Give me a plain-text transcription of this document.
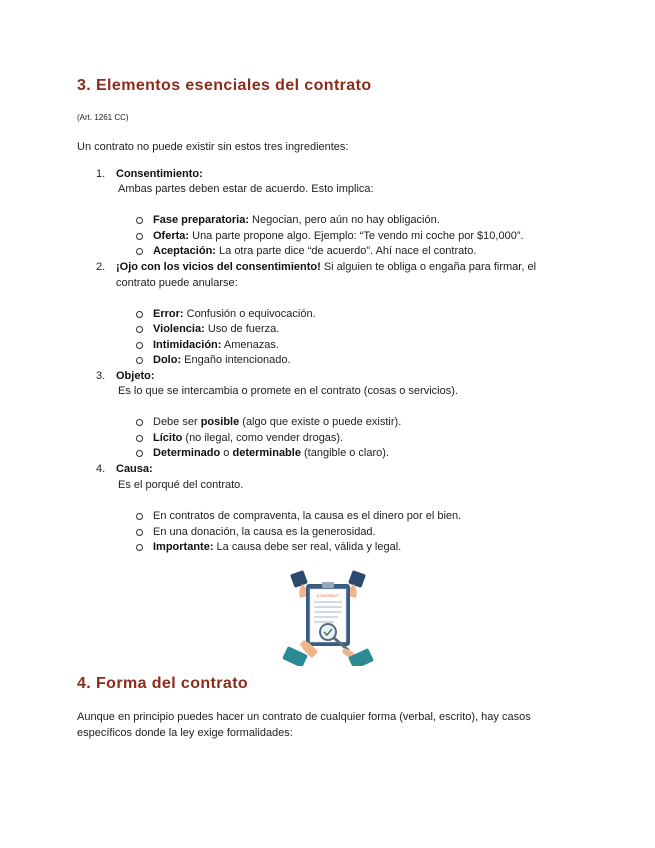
3. Elementos esenciales del contrato
(Art. 1261 CC)
Un contrato no puede existir sin estos tres ingredientes:
1. Consentimiento:
Ambas partes deben estar de acuerdo. Esto implica:
Fase preparatoria: Negocian, pero aún no hay obligación.
Oferta: Una parte propone algo. Ejemplo: “Te vendo mi coche por $10,000”.
Aceptación: La otra parte dice “de acuerdo”. Ahí nace el contrato.
2. ¡Ojo con los vicios del consentimiento! Si alguien te obliga o engaña para firmar, el contrato puede anularse:
Error: Confusión o equivocación.
Violencia: Uso de fuerza.
Intimidación: Amenazas.
Dolo: Engaño intencionado.
3. Objeto:
Es lo que se intercambia o promete en el contrato (cosas o servicios).
Debe ser posible (algo que existe o puede existir).
Lícito (no ilegal, como vender drogas).
Determinado o determinable (tangible o claro).
4. Causa:
Es el porqué del contrato.
En contratos de compraventa, la causa es el dinero por el bien.
En una donación, la causa es la generosidad.
Importante: La causa debe ser real, válida y legal.
CONTRACT
4. Forma del contrato
Aunque en principio puedes hacer un contrato de cualquier forma (verbal, escrito), hay casos específicos donde la ley exige formalidades:
